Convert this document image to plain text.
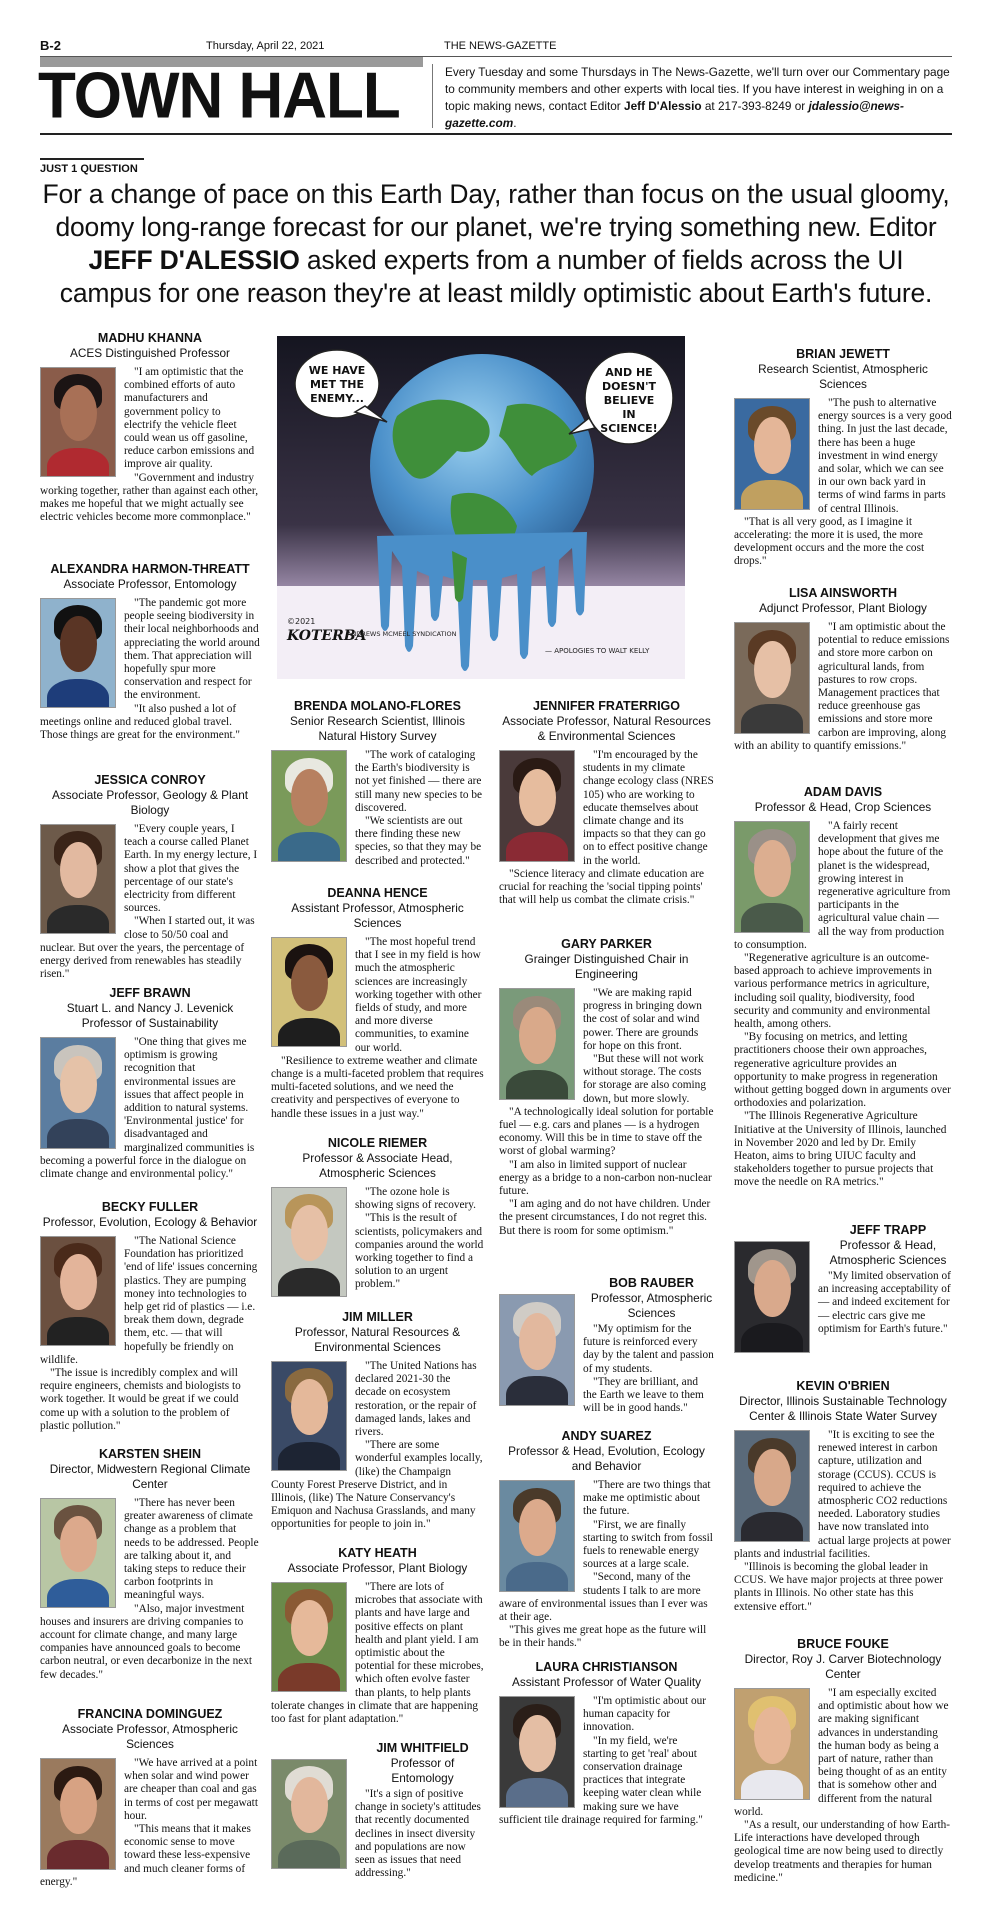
B-2	Thursday, April 22, 2021	THE NEWS-GAZETTE
TOWN HALL	Every Tuesday and some Thursdays in The News-Gazette, we'll turn over our Commentary page to community members and other experts with local ties. If you have interest in weighing in on a topic making news, contact Editor Jeff D'Alessio at 217-393-8249 or jdalessio@news-gazette.com.
JUST 1 QUESTION
For a change of pace on this Earth Day, rather than focus on the usual gloomy, doomy long-range forecast for our planet, we're trying something new. Editor JEFF D'ALESSIO asked experts from a number of fields across the UI campus for one reason they're at least mildly optimistic about Earth's future.
WE HAVE
MET THE
ENEMY...
AND HE
DOESN'T
BELIEVE
IN
SCIENCE!
©2021
KOTERBA
ANDREWS MCMEEL SYNDICATION
— APOLOGIES TO WALT KELLY
MADHU KHANNA
ACES Distinguished Professor

"I am optimistic that the combined efforts of auto manufacturers and government policy to electrify the vehicle fleet could wean us off gasoline, reduce carbon emissions and improve air quality.

"Government and industry working together, rather than against each other, makes me hopeful that we might actually see electric vehicles become more commonplace."

ALEXANDRA HARMON-THREATT
Associate Professor, Entomology

"The pandemic got more people seeing biodiversity in their local neighborhoods and appreciating the world around them. That appreciation will hopefully spur more conservation and respect for the environment.

"It also pushed a lot of meetings online and reduced global travel. Those things are great for the environment."

JESSICA CONROY
Associate Professor, Geology & Plant Biology

"Every couple years, I teach a course called Planet Earth. In my energy lecture, I show a plot that gives the percentage of our state's electricity from different sources.

"When I started out, it was close to 50/50 coal and nuclear. But over the years, the percentage of energy derived from renewables has steadily risen."

JEFF BRAWN
Stuart L. and Nancy J. Levenick Professor of Sustainability

"One thing that gives me optimism is growing recognition that environmental issues are issues that affect people in addition to natural systems. 'Environmental justice' for disadvantaged and marginalized communities is becoming a powerful force in the dialogue on climate change and environmental policy."

BECKY FULLER
Professor, Evolution, Ecology & Behavior

"The National Science Foundation has prioritized 'end of life' issues concerning plastics. They are pumping money into technologies to help get rid of plastics — i.e. break them down, degrade them, etc. — that will hopefully be friendly on wildlife.

"The issue is incredibly complex and will require engineers, chemists and biologists to work together. It would be great if we could come up with a solution to the problem of plastic pollution."

KARSTEN SHEIN
Director, Midwestern Regional Climate Center

"There has never been greater awareness of climate change as a problem that needs to be addressed. People are talking about it, and taking steps to reduce their carbon footprints in meaningful ways.

"Also, major investment houses and insurers are driving companies to account for climate change, and many large companies have announced goals to become carbon neutral, or even decarbonize in the next few decades."

FRANCINA DOMINGUEZ
Associate Professor, Atmospheric Sciences

"We have arrived at a point when solar and wind power are cheaper than coal and gas in terms of cost per megawatt hour.

"This means that it makes economic sense to move toward these less-expensive and much cleaner forms of energy."

BRENDA MOLANO-FLORES
Senior Research Scientist, Illinois Natural History Survey

"The work of cataloging the Earth's biodiversity is not yet finished — there are still many new species to be discovered.

"We scientists are out there finding these new species, so that they may be described and protected."

DEANNA HENCE
Assistant Professor, Atmospheric Sciences

"The most hopeful trend that I see in my field is how much the atmospheric sciences are increasingly working together with other fields of study, and more and more diverse communities, to examine our world.

"Resilience to extreme weather and climate change is a multi-faceted problem that requires multi-faceted solutions, and we need the creativity and perspectives of everyone to handle these issues in a just way."

NICOLE RIEMER
Professor & Associate Head, Atmospheric Sciences

"The ozone hole is showing signs of recovery.

"This is the result of scientists, policymakers and companies around the world working together to find a solution to an urgent problem."

JIM MILLER
Professor, Natural Resources & Environmental Sciences

"The United Nations has declared 2021-30 the decade on ecosystem restoration, or the repair of damaged lands, lakes and rivers.

"There are some wonderful examples locally, (like) the Champaign County Forest Preserve District, and in Illinois, (like) The Nature Conservancy's Emiquon and Nachusa Grasslands, and many opportunities for people to join in."

KATY HEATH
Associate Professor, Plant Biology

"There are lots of microbes that associate with plants and have large and positive effects on plant health and plant yield. I am optimistic about the potential for these microbes, which often evolve faster than plants, to help plants tolerate changes in climate that are happening too fast for plant adaptation."

JIM WHITFIELD
Professor of Entomology

"It's a sign of positive change in society's attitudes that recently documented declines in insect diversity and populations are now seen as issues that need addressing."

JENNIFER FRATERRIGO
Associate Professor, Natural Resources & Environmental Sciences

"I'm encouraged by the students in my climate change ecology class (NRES 105) who are working to educate themselves about climate change and its impacts so that they can go on to effect positive change in the world.

"Science literacy and climate education are crucial for reaching the 'social tipping points' that will help us combat the climate crisis."

GARY PARKER
Grainger Distinguished Chair in Engineering

"We are making rapid progress in bringing down the cost of solar and wind power. There are grounds for hope on this front.

"But these will not work without storage. The costs for storage are also coming down, but more slowly.

"A technologically ideal solution for portable fuel — e.g. cars and planes — is a hydrogen economy. Will this be in time to stave off the worst of global warming?

"I am also in limited support of nuclear energy as a bridge to a non-carbon non-nuclear future.

"I am aging and do not have children. Under the present circumstances, I do not regret this. But there is room for some optimism."

BOB RAUBER
Professor, Atmospheric Sciences

"My optimism for the future is reinforced every day by the talent and passion of my students.

"They are brilliant, and the Earth we leave to them will be in good hands."

ANDY SUAREZ
Professor & Head, Evolution, Ecology and Behavior

"There are two things that make me optimistic about the future.

"First, we are finally starting to switch from fossil fuels to renewable energy sources at a large scale.

"Second, many of the students I talk to are more aware of environmental issues than I ever was at their age.

"This gives me great hope as the future will be in their hands."

LAURA CHRISTIANSON
Assistant Professor of Water Quality

"I'm optimistic about our human capacity for innovation.

"In my field, we're starting to get 'real' about conservation drainage practices that integrate keeping water clean while making sure we have sufficient tile drainage required for farming."

BRIAN JEWETT
Research Scientist, Atmospheric Sciences

"The push to alternative energy sources is a very good thing. In just the last decade, there has been a huge investment in wind energy and solar, which we can see in our own back yard in terms of wind farms in parts of central Illinois.

"That is all very good, as I imagine it accelerating: the more it is used, the more development occurs and the more the cost drops."

LISA AINSWORTH
Adjunct Professor, Plant Biology

"I am optimistic about the potential to reduce emissions and store more carbon on agricultural lands, from pastures to row crops. Management practices that reduce greenhouse gas emissions and store more carbon are improving, along with an ability to quantify emissions."

ADAM DAVIS
Professor & Head, Crop Sciences

"A fairly recent development that gives me hope about the future of the planet is the widespread, growing interest in regenerative agriculture from participants in the agricultural value chain — all the way from production to consumption.

"Regenerative agriculture is an outcome-based approach to achieve improvements in various performance metrics in agriculture, including soil quality, biodiversity, food security and community and environmental health, among others.

"By focusing on metrics, and letting practitioners choose their own approaches, regenerative agriculture provides an opportunity to make progress in regeneration without getting bogged down in arguments over orthodoxies and polarization.

"The Illinois Regenerative Agriculture Initiative at the University of Illinois, launched in November 2020 and led by Dr. Emily Heaton, aims to bring UIUC faculty and stakeholders together to pursue projects that move the needle on RA metrics."

JEFF TRAPP
Professor & Head, Atmospheric Sciences

"My limited observation of an increasing acceptability of — and indeed excitement for — electric cars give me optimism for Earth's future."

KEVIN O'BRIEN
Director, Illinois Sustainable Technology Center & Illinois State Water Survey

"It is exciting to see the renewed interest in carbon capture, utilization and storage (CCUS). CCUS is required to achieve the atmospheric CO2 reductions needed. Laboratory studies have now translated into actual large projects at power plants and industrial facilities.

"Illinois is becoming the global leader in CCUS. We have major projects at three power plants in Illinois. No other state has this extensive effort."

BRUCE FOUKE
Director, Roy J. Carver Biotechnology Center

"I am especially excited and optimistic about how we are making significant advances in understanding the human body as being a part of nature, rather than being thought of as an entity that is somehow other and different from the natural world.

"As a result, our understanding of how Earth-Life interactions have developed through geological time are now being used to directly develop treatments and therapies for human medicine."
